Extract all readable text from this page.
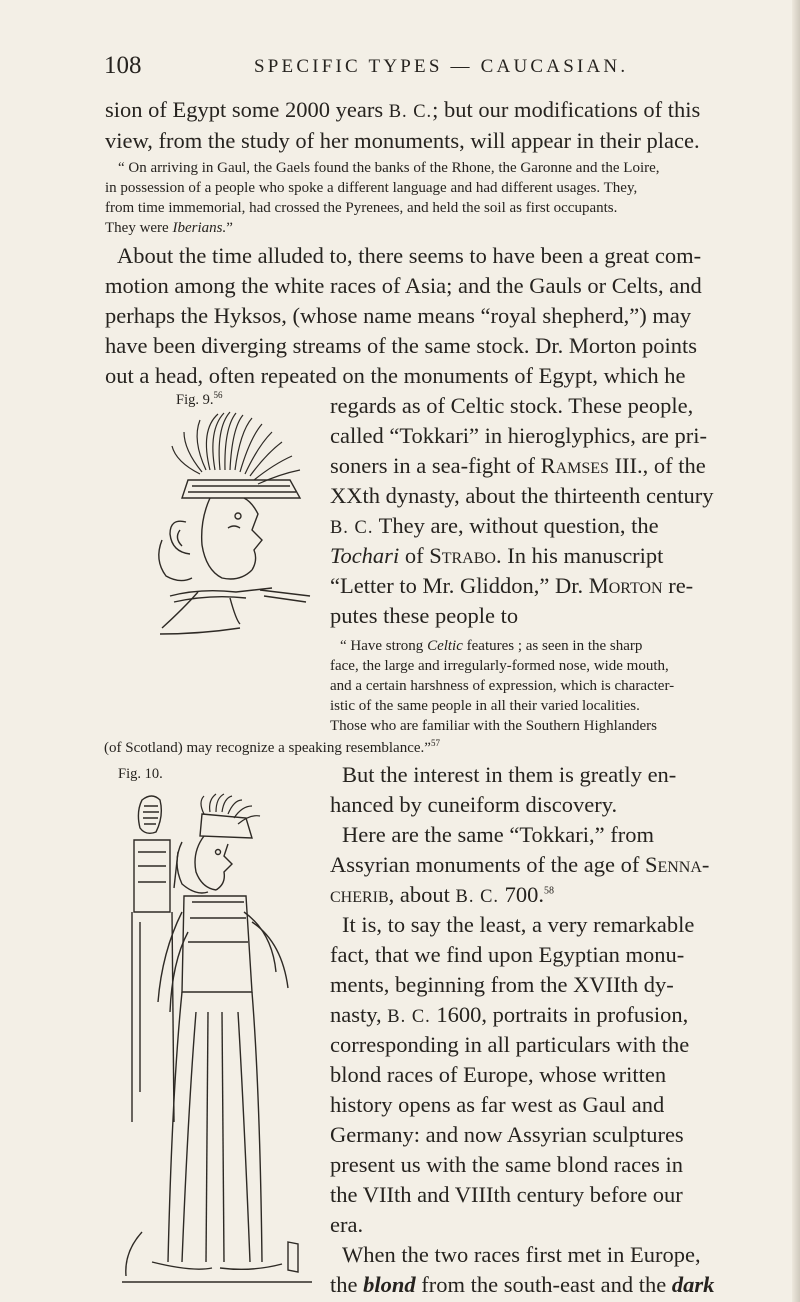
108	SPECIFIC TYPES — CAUCASIAN.
sion of Egypt some 2000 years B. C.; but our modifications of this
view, from the study of her monuments, will appear in their place.
“ On arriving in Gaul, the Gaels found the banks of the Rhone, the Garonne and the Loire,
in possession of a people who spoke a different language and had different usages. They,
from time immemorial, had crossed the Pyrenees, and held the soil as first occupants.
They were Iberians.”
About the time alluded to, there seems to have been a great com-
motion among the white races of Asia; and the Gauls or Celts, and
perhaps the Hyksos, (whose name means “royal shepherd,”) may
have been diverging streams of the same stock. Dr. Morton points
out a head, often repeated on the monuments of Egypt, which he
Fig. 9.56	regards as of Celtic stock. These people,
called “Tokkari” in hieroglyphics, are pri-
soners in a sea-fight of Ramses III., of the
XXth dynasty, about the thirteenth century
B. C. They are, without question, the
Tochari of Strabo. In his manuscript
“Letter to Mr. Gliddon,” Dr. Morton re-
putes these people to
“ Have strong Celtic features ; as seen in the sharp
face, the large and irregularly-formed nose, wide mouth,
and a certain harshness of expression, which is character-
istic of the same people in all their varied localities.
Those who are familiar with the Southern Highlanders
(of Scotland) may recognize a speaking resemblance.”$^{57}$
Fig. 10.	But the interest in them is greatly en-
hanced by cuneiform discovery.
Here are the same “Tokkari,” from
Assyrian monuments of the age of Senna-
cherib, about B. C. 700.58
It is, to say the least, a very remarkable
fact, that we find upon Egyptian monu-
ments, beginning from the XVIIth dy-
nasty, B. C. 1600, portraits in profusion,
corresponding in all particulars with the
blond races of Europe, whose written
history opens as far west as Gaul and
Germany: and now Assyrian sculptures
present us with the same blond races in
the VIIth and VIIIth century before our
era.
When the two races first met in Europe,
the blond from the south-east and the dark
